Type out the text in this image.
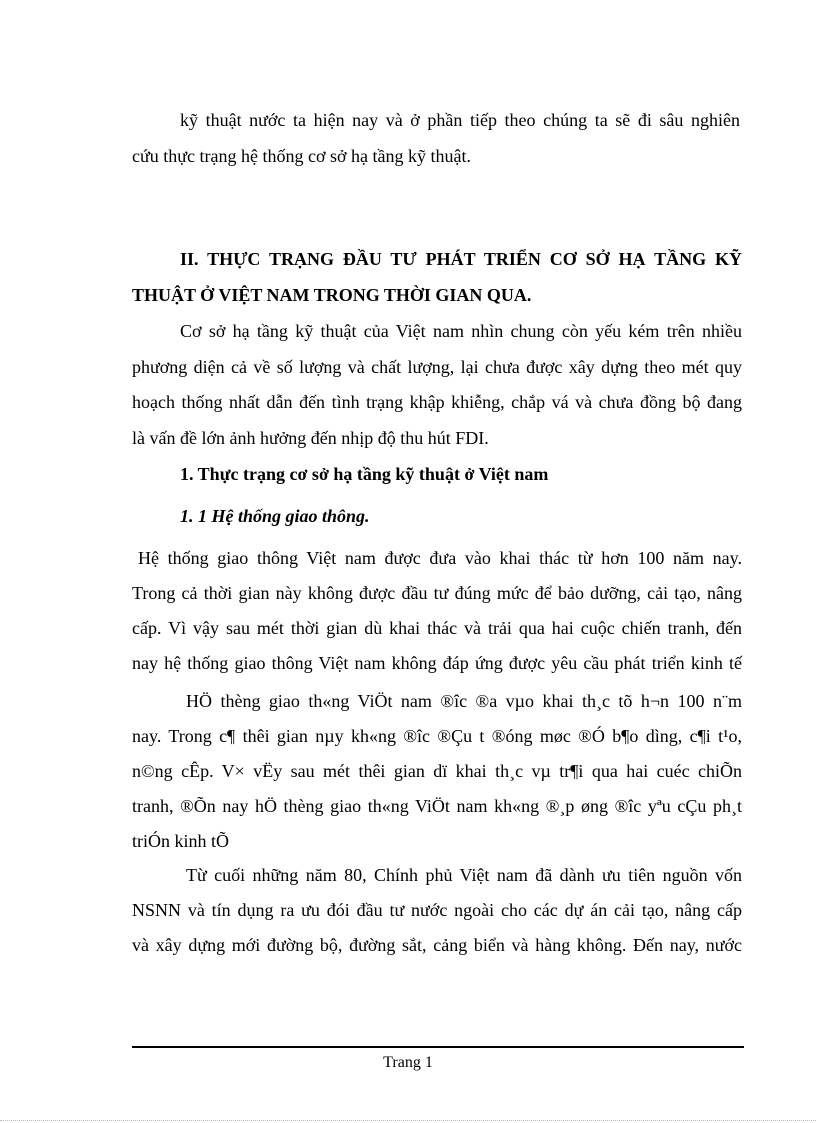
kỹ thuật nước ta hiện nay và ở phần tiếp theo chúng ta sẽ đi sâu nghiên
cứu thực trạng hệ thống cơ sở hạ tầng kỹ thuật.
II. THỰC TRẠNG ĐẦU TƯ PHÁT TRIỂN CƠ SỞ HẠ TẦNG KỸ
THUẬT Ở VIỆT NAM TRONG THỜI GIAN QUA.
Cơ sở hạ tầng kỹ thuật của Việt nam nhìn chung còn yếu kém trên nhiều
phương diện cả về số lượng và chất lượng, lại chưa được xây dựng theo mét quy
hoạch thống nhất dẫn đến tình trạng khập khiễng, chắp vá và chưa đồng bộ đang
là vấn đề lớn ảnh hưởng đến nhịp độ thu hút FDI.
1. Thực trạng cơ sở hạ tầng kỹ thuật ở Việt nam
1. 1 Hệ thống giao thông.
Hệ thống giao thông Việt nam được đưa vào khai thác từ hơn 100 năm nay.
Trong cả thời gian này không được đầu tư đúng mức để bảo dưỡng, cải tạo, nâng
cấp. Vì vậy sau mét thời gian dù khai thác và trải qua hai cuộc chiến tranh, đến
nay hệ thống giao thông Việt nam không đáp ứng được yêu cầu phát triển kinh tế
HÖ thèng giao th«ng ViÖt nam ®îc ®a vµo khai th¸c tõ h¬n 100 n¨m
nay. Trong c¶ thêi gian nµy kh«ng ®îc ®Çu t ®óng møc ®Ó b¶o dìng, c¶i t¹o,
n©ng cÊp. V× vËy sau mét thêi gian dï khai th¸c vµ tr¶i qua hai cuéc chiÕn
tranh, ®Õn nay hÖ thèng giao th«ng ViÖt nam kh«ng ®¸p øng ®îc yªu cÇu ph¸t
triÓn kinh tÕ
Từ cuối những năm 80, Chính phủ Việt nam đã dành ưu tiên nguồn vốn
NSNN và tín dụng ra ưu đói đầu tư nước ngoài cho các dự án cải tạo, nâng cấp
và xây dựng mới đường bộ, đường sắt, cảng biển và hàng không. Đến nay, nước
Trang 1
